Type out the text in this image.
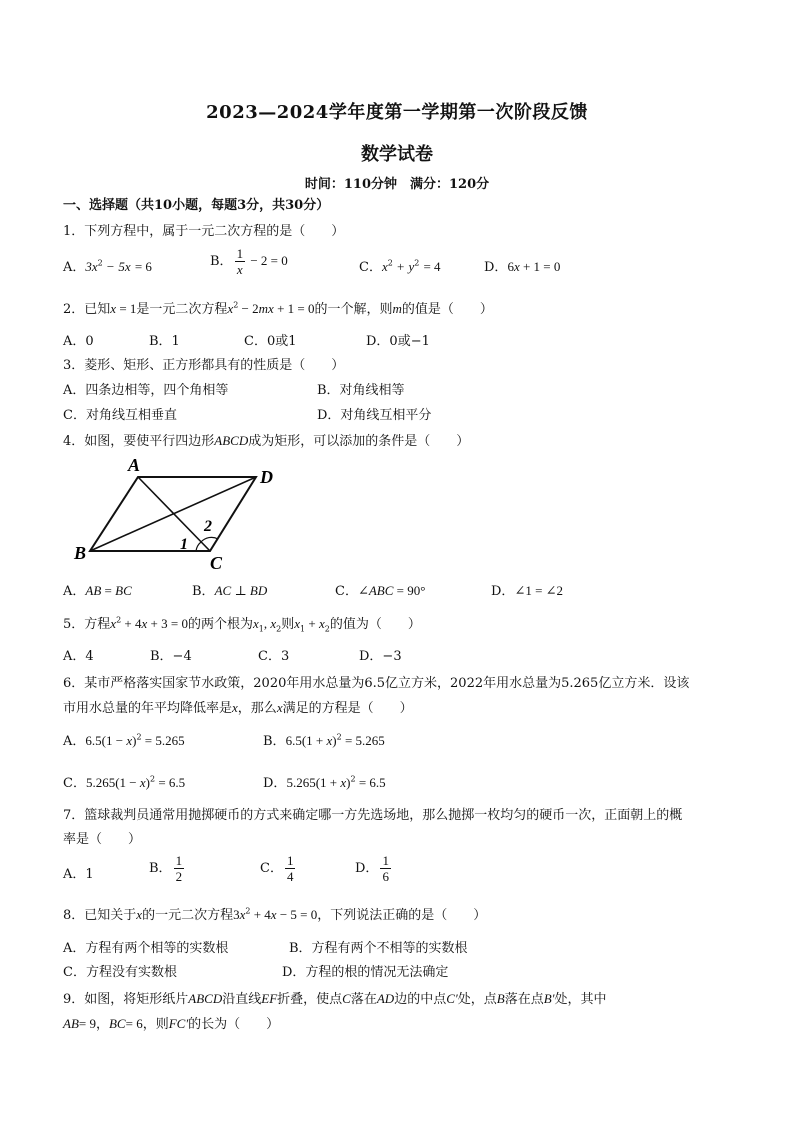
2023—2024学年度第一学期第一次阶段反馈
数学试卷
时间：110分钟　满分：120分
一、选择题（共10小题，每题3分，共30分）
1．下列方程中，属于一元二次方程的是（　　）
A．$3x^2 - 5x = 6$	B． $\frac{1}{x} - 2 = 0$	C．$x^2 + y^2 = 4$	D．6x + 1 = 0
2．已知x = 1是一元二次方程$x^2 - 2mx + 1 = 0$的一个解，则m的值是（　　）
A．0	B．1	C．0或1	D．0或−1
3．菱形、矩形、正方形都具有的性质是（　　）
A．四条边相等，四个角相等	B．对角线相等
C．对角线互相垂直	D．对角线互相平分
4．如图，要使平行四边形ABCD成为矩形，可以添加的条件是（　　）
A
D
B	C
1
2
A．AB = BC	B．AC ⊥ BD	C．∠ABC = 90°	D．∠1 = ∠2
5．方程$x^2 + 4x + 3 = 0$的两个根为$x_1$, $x_2$则$x_1 + x_2$的值为（　　）
A．4	B．−4	C．3	D．−3
6．某市严格落实国家节水政策，2020年用水总量为6.5亿立方米，2022年用水总量为5.265亿立方米．设该
市用水总量的年平均降低率是x，那么x满足的方程是（　　）
A．$6.5(1 - x)^2 = 5.265$	B．$6.5(1 + x)^2 = 5.265$
C．$5.265(1 - x)^2 = 6.5$	D．$5.265(1 + x)^2 = 6.5$
7．篮球裁判员通常用抛掷硬币的方式来确定哪一方先选场地，那么抛掷一枚均匀的硬币一次，正面朝上的概
率是（　　）
A．1	B． $\frac{1}{2}$	C． $\frac{1}{4}$	D． $\frac{1}{6}$
8．已知关于x的一元二次方程$3x^2 + 4x - 5 = 0$，下列说法正确的是（　　）
A．方程有两个相等的实数根	B．方程有两个不相等的实数根
C．方程没有实数根	D．方程的根的情况无法确定
9．如图，将矩形纸片ABCD沿直线EF折叠，使点C落在AD边的中点C′处，点B落在点B′处，其中
AB= 9，BC= 6，则FC′的长为（　　）
